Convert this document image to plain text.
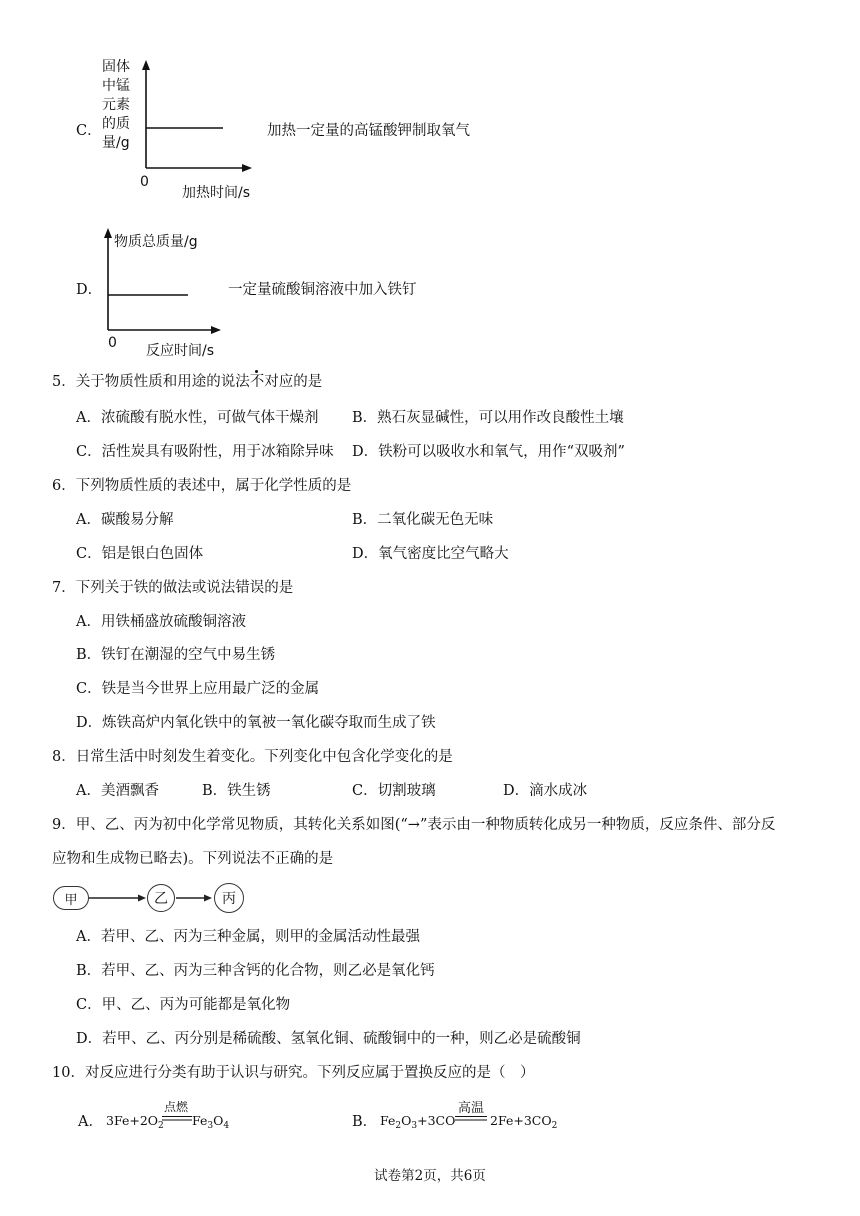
C．
固体
中锰
元素
的质
量/g
0
加热时间/s
加热一定量的高锰酸钾制取氧气
D．
物质总质量/g
0 反应时间/s
一定量硫酸铜溶液中加入铁钉
5．关于物质性质和用途的说法不对应的是
A．浓硫酸有脱水性，可做气体干燥剂 B．熟石灰显碱性，可以用作改良酸性土壤
C．活性炭具有吸附性，用于冰箱除异味 D．铁粉可以吸收水和氧气，用作“双吸剂”
6．下列物质性质的表述中，属于化学性质的是
A．碳酸易分解	B．二氧化碳无色无味
C．铝是银白色固体	D．氧气密度比空气略大
7．下列关于铁的做法或说法错误的是
A．用铁桶盛放硫酸铜溶液
B．铁钉在潮湿的空气中易生锈
C．铁是当今世界上应用最广泛的金属
D．炼铁高炉内氧化铁中的氧被一氧化碳夺取而生成了铁
8．日常生活中时刻发生着变化。下列变化中包含化学变化的是
A．美酒飘香	B．铁生锈	C．切割玻璃	D．滴水成冰
9．甲、乙、丙为初中化学常见物质，其转化关系如图(“→”表示由一种物质转化成另一种物质，反应条件、部分反
应物和生成物已略去)。下列说法不正确的是
甲	乙	丙
A．若甲、乙、丙为三种金属，则甲的金属活动性最强
B．若甲、乙、丙为三种含钙的化合物，则乙必是氧化钙
C．甲、乙、丙为可能都是氧化物
D．若甲、乙、丙分别是稀硫酸、氢氧化铜、硫酸铜中的一种，则乙必是硫酸铜
10．对反应进行分类有助于认识与研究。下列反应属于置换反应的是（　）
A． $3Fe+2O_2$
点燃
$Fe_3O_4$	B． $Fe_2O_3+3CO$
高温
$2Fe+3CO_2$
试卷第2页，共6页
